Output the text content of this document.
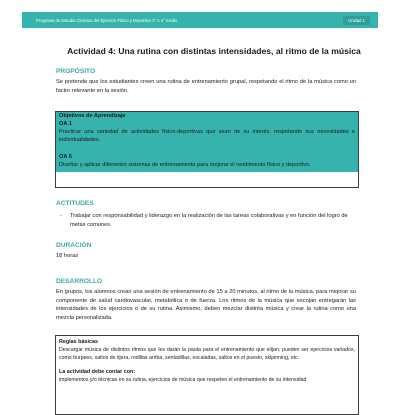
Programa de Estudio Ciencias del Ejercicio Físico y Deportivo 3° o 4° medio	Unidad 1
Actividad 4: Una rutina con distintas intensidades, al ritmo de la música
PROPÓSITO
Se pretende que los estudiantes creen una rutina de entrenamiento grupal, respetando el ritmo de la música como un factor relevante en la sesión.
Objetivos de Aprendizaje
OA 1
Practicar una variedad de actividades físico-deportivas que sean de su interés, respetando sus necesidades e individualidades.
OA 5
Diseñar y aplicar diferentes sistemas de entrenamiento para mejorar el rendimiento físico y deportivo.
ACTITUDES
-	Trabajar con responsabilidad y liderazgo en la realización de las tareas colaborativas y en función del logro de metas comunes.
DURACIÓN
18 horas
DESARROLLO
En grupos, los alumnos crean una sesión de entrenamiento de 15 a 20 minutos, al ritmo de la música, para mejorar su componente de salud cardiovascular, metabólica o de fuerza. Los ritmos de la música que escojan entregarán las intensidades de los ejercicios o de su rutina. Asimismo, deben mezclar distinta música y crear la rutina como una mezcla personalizada.
Reglas básicas
Descargar música de distintos ritmos que les darán la pauta para el entrenamiento que elijan; pueden ser ejercicios variados, como burpees, saltos de tijera, rodillas arriba, sentadillas, escaladas, saltos en el puesto, skipinning, etc.
La actividad debe contar con:
implementos y/o técnicas en su rutina, ejercicios de música que respeten el entrenamiento de su intensidad
